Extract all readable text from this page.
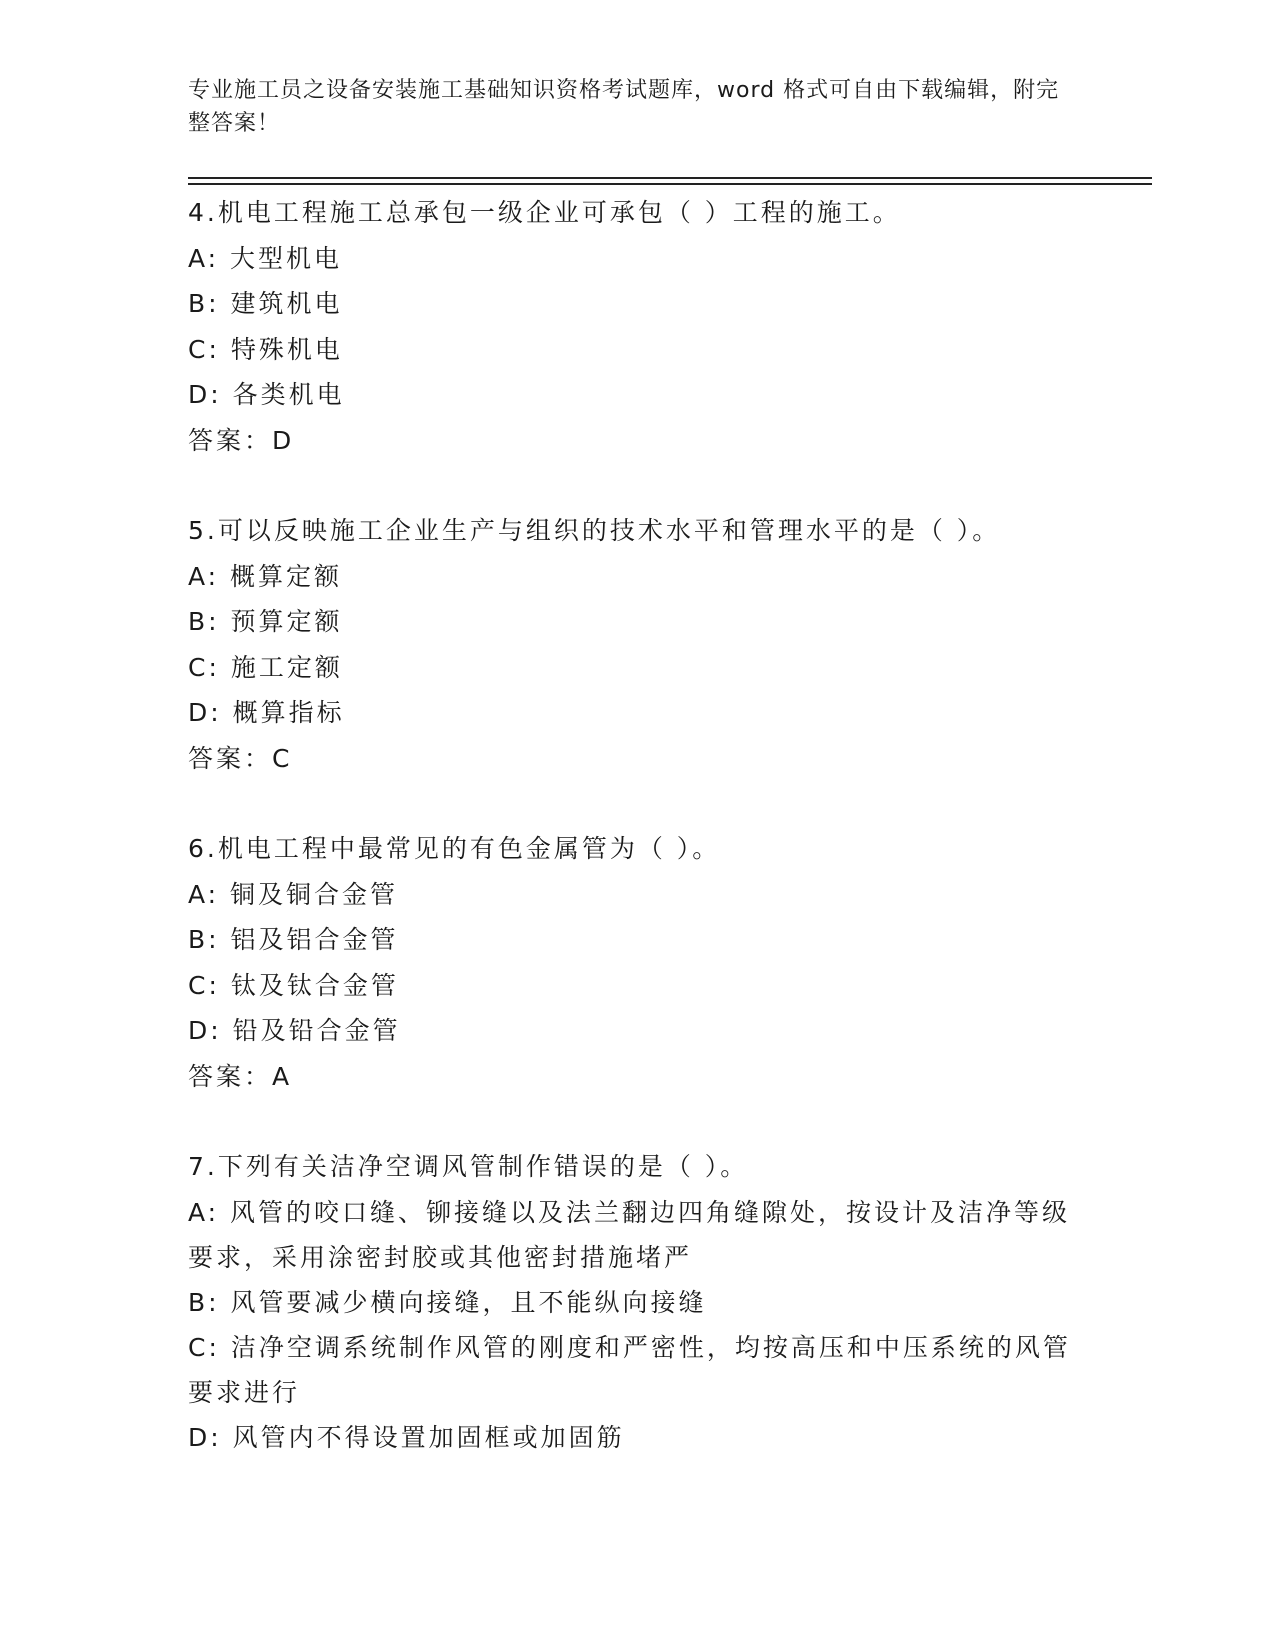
专业施工员之设备安装施工基础知识资格考试题库，word 格式可自由下载编辑，附完整答案！
4.机电工程施工总承包一级企业可承包（ ）工程的施工。
A: 大型机电
B: 建筑机电
C: 特殊机电
D: 各类机电
答案：D
5.可以反映施工企业生产与组织的技术水平和管理水平的是（ ）。
A: 概算定额
B: 预算定额
C: 施工定额
D: 概算指标
答案：C
6.机电工程中最常见的有色金属管为（ ）。
A: 铜及铜合金管
B: 铝及铝合金管
C: 钛及钛合金管
D: 铅及铅合金管
答案：A
7.下列有关洁净空调风管制作错误的是（ ）。
A: 风管的咬口缝、铆接缝以及法兰翻边四角缝隙处，按设计及洁净等级要求，采用涂密封胶或其他密封措施堵严
B: 风管要减少横向接缝，且不能纵向接缝
C: 洁净空调系统制作风管的刚度和严密性，均按高压和中压系统的风管要求进行
D: 风管内不得设置加固框或加固筋
